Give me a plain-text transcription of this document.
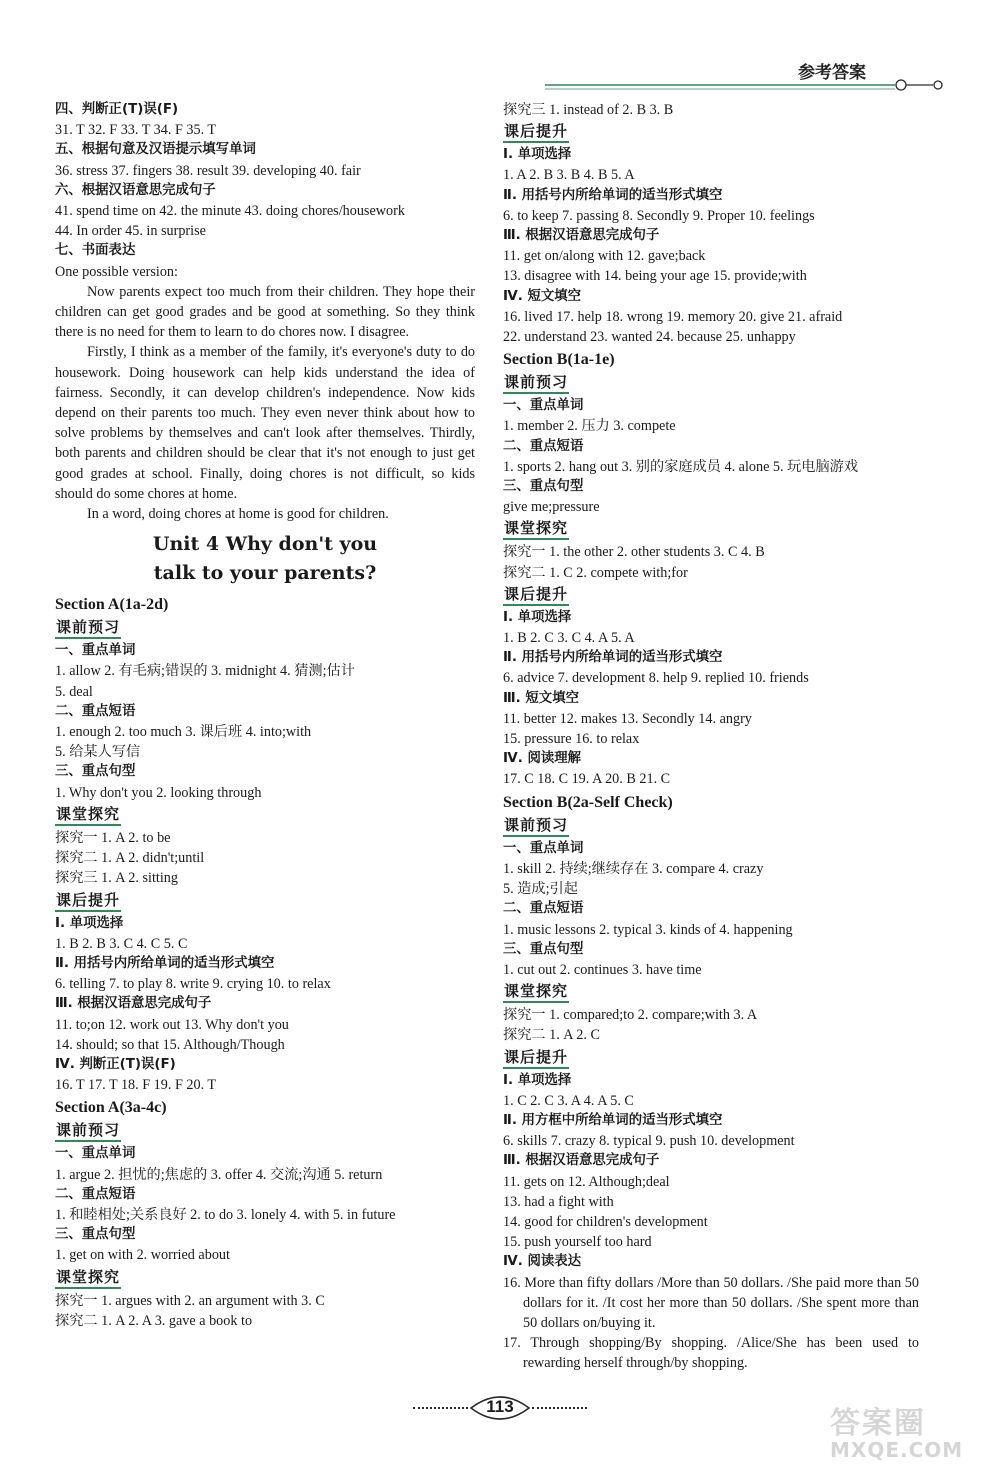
参考答案
四、判断正(T)误(F)
31. T 32. F 33. T 34. F 35. T
五、根据句意及汉语提示填写单词
36. stress 37. fingers 38. result 39. developing 40. fair
六、根据汉语意思完成句子
41. spend time on 42. the minute 43. doing chores/housework
44. In order 45. in surprise
七、书面表达
One possible version:

Now parents expect too much from their children. They hope their children can get good grades and be good at something. So they think there is no need for them to learn to do chores now. I disagree.

Firstly, I think as a member of the family, it's everyone's duty to do housework. Doing housework can help kids understand the idea of fairness. Secondly, it can develop children's independence. Now kids depend on their parents too much. They even never think about how to solve problems by themselves and can't look after themselves. Thirdly, both parents and children should be clear that it's not enough to just get good grades at school. Finally, doing chores is not difficult, so kids should do some chores at home.

In a word, doing chores at home is good for children.

Unit 4 Why don't you
talk to your parents?
Section A(1a-2d)
课前预习
一、重点单词
1. allow 2. 有毛病;错误的 3. midnight 4. 猜测;估计
5. deal
二、重点短语
1. enough 2. too much 3. 课后班 4. into;with
5. 给某人写信
三、重点句型
1. Why don't you 2. looking through
课堂探究
探究一 1. A 2. to be
探究二 1. A 2. didn't;until
探究三 1. A 2. sitting
课后提升
Ⅰ. 单项选择
1. B 2. B 3. C 4. C 5. C
Ⅱ. 用括号内所给单词的适当形式填空
6. telling 7. to play 8. write 9. crying 10. to relax
Ⅲ. 根据汉语意思完成句子
11. to;on 12. work out 13. Why don't you
14. should; so that 15. Although/Though
Ⅳ. 判断正(T)误(F)
16. T 17. T 18. F 19. F 20. T
Section A(3a-4c)
课前预习
一、重点单词
1. argue 2. 担忧的;焦虑的 3. offer 4. 交流;沟通 5. return
二、重点短语
1. 和睦相处;关系良好 2. to do 3. lonely 4. with 5. in future
三、重点句型
1. get on with 2. worried about
课堂探究
探究一 1. argues with 2. an argument with 3. C
探究二 1. A 2. A 3. gave a book to
探究三 1. instead of 2. B 3. B
课后提升
Ⅰ. 单项选择
1. A 2. B 3. B 4. B 5. A
Ⅱ. 用括号内所给单词的适当形式填空
6. to keep 7. passing 8. Secondly 9. Proper 10. feelings
Ⅲ. 根据汉语意思完成句子
11. get on/along with 12. gave;back
13. disagree with 14. being your age 15. provide;with
Ⅳ. 短文填空
16. lived 17. help 18. wrong 19. memory 20. give 21. afraid
22. understand 23. wanted 24. because 25. unhappy
Section B(1a-1e)
课前预习
一、重点单词
1. member 2. 压力 3. compete
二、重点短语
1. sports 2. hang out 3. 别的家庭成员 4. alone 5. 玩电脑游戏
三、重点句型
give me;pressure
课堂探究
探究一 1. the other 2. other students 3. C 4. B
探究二 1. C 2. compete with;for
课后提升
Ⅰ. 单项选择
1. B 2. C 3. C 4. A 5. A
Ⅱ. 用括号内所给单词的适当形式填空
6. advice 7. development 8. help 9. replied 10. friends
Ⅲ. 短文填空
11. better 12. makes 13. Secondly 14. angry
15. pressure 16. to relax
Ⅳ. 阅读理解
17. C 18. C 19. A 20. B 21. C
Section B(2a-Self Check)
课前预习
一、重点单词
1. skill 2. 持续;继续存在 3. compare 4. crazy
5. 造成;引起
二、重点短语
1. music lessons 2. typical 3. kinds of 4. happening
三、重点句型
1. cut out 2. continues 3. have time
课堂探究
探究一 1. compared;to 2. compare;with 3. A
探究二 1. A 2. C
课后提升
Ⅰ. 单项选择
1. C 2. C 3. A 4. A 5. C
Ⅱ. 用方框中所给单词的适当形式填空
6. skills 7. crazy 8. typical 9. push 10. development
Ⅲ. 根据汉语意思完成句子
11. gets on 12. Although;deal
13. had a fight with
14. good for children's development
15. push yourself too hard
Ⅳ. 阅读表达
16. More than fifty dollars /More than 50 dollars. /She paid more than 50 dollars for it. /It cost her more than 50 dollars. /She spent more than 50 dollars on/buying it.
17. Through shopping/By shopping. /Alice/She has been used to rewarding herself through/by shopping.
113	答案圈
MXQE.COM
